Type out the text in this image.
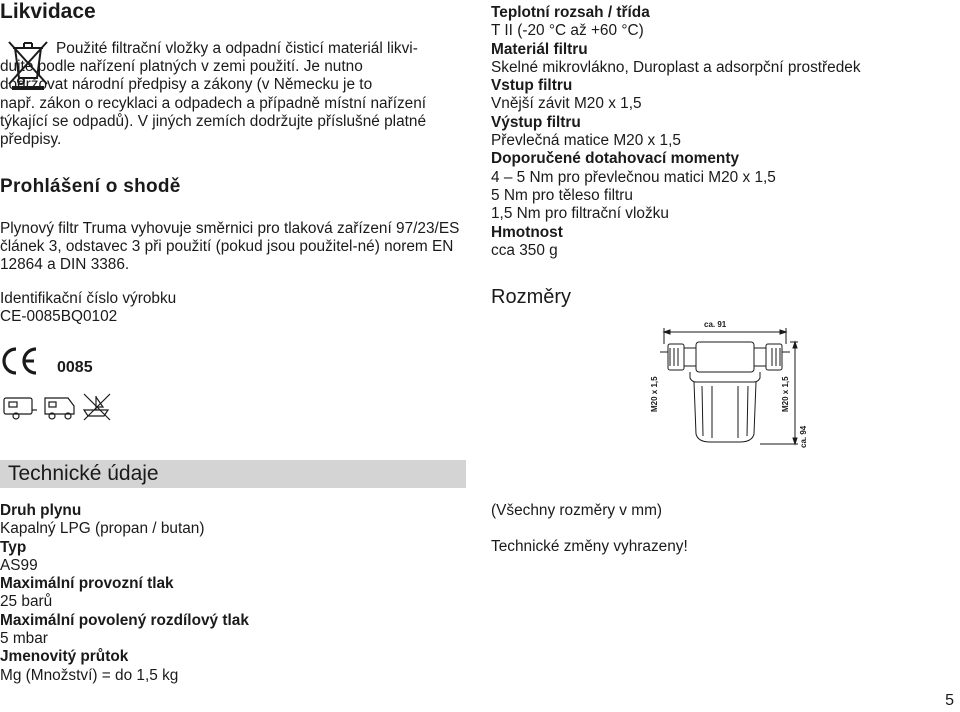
Likvidace
Použité filtrační vložky a odpadní čisticí materiál likvi-
dujte podle nařízení platných v zemi použití. Je nutno
dodržovat národní předpisy a zákony (v Německu je to
např. zákon o recyklaci a odpadech a případně místní nařízení
týkající se odpadů). V jiných zemích dodržujte příslušné platné
předpisy.
Prohlášení o shodě
Plynový filtr Truma vyhovuje směrnici pro tlaková zařízení 97/23/ES článek 3, odstavec 3 při použití (pokud jsou použitel-né) norem EN 12864 a DIN 3386.
Identifikační číslo výrobku
CE-0085BQ0102
0085
Technické údaje
Druh plynu
Kapalný LPG (propan / butan)
Typ
AS99
Maximální provozní tlak
25 barů
Maximální povolený rozdílový tlak
5 mbar
Jmenovitý průtok
Mg (Množství) = do 1,5 kg
Teplotní rozsah / třída
T II (-20 °C až +60 °C)
Materiál filtru
Skelné mikrovlákno, Duroplast a adsorpční prostředek
Vstup filtru
Vnější závit M20 x 1,5
Výstup filtru
Převlečná matice M20 x 1,5
Doporučené dotahovací momenty
4 – 5 Nm pro převlečnou matici M20 x 1,5
5 Nm pro těleso filtru
1,5 Nm pro filtrační vložku
Hmotnost
cca 350 g
Rozměry
ca. 91
M20 x 1,5	M20 x 1,5
ca. 94
(Všechny rozměry v mm)
Technické změny vyhrazeny!
5
